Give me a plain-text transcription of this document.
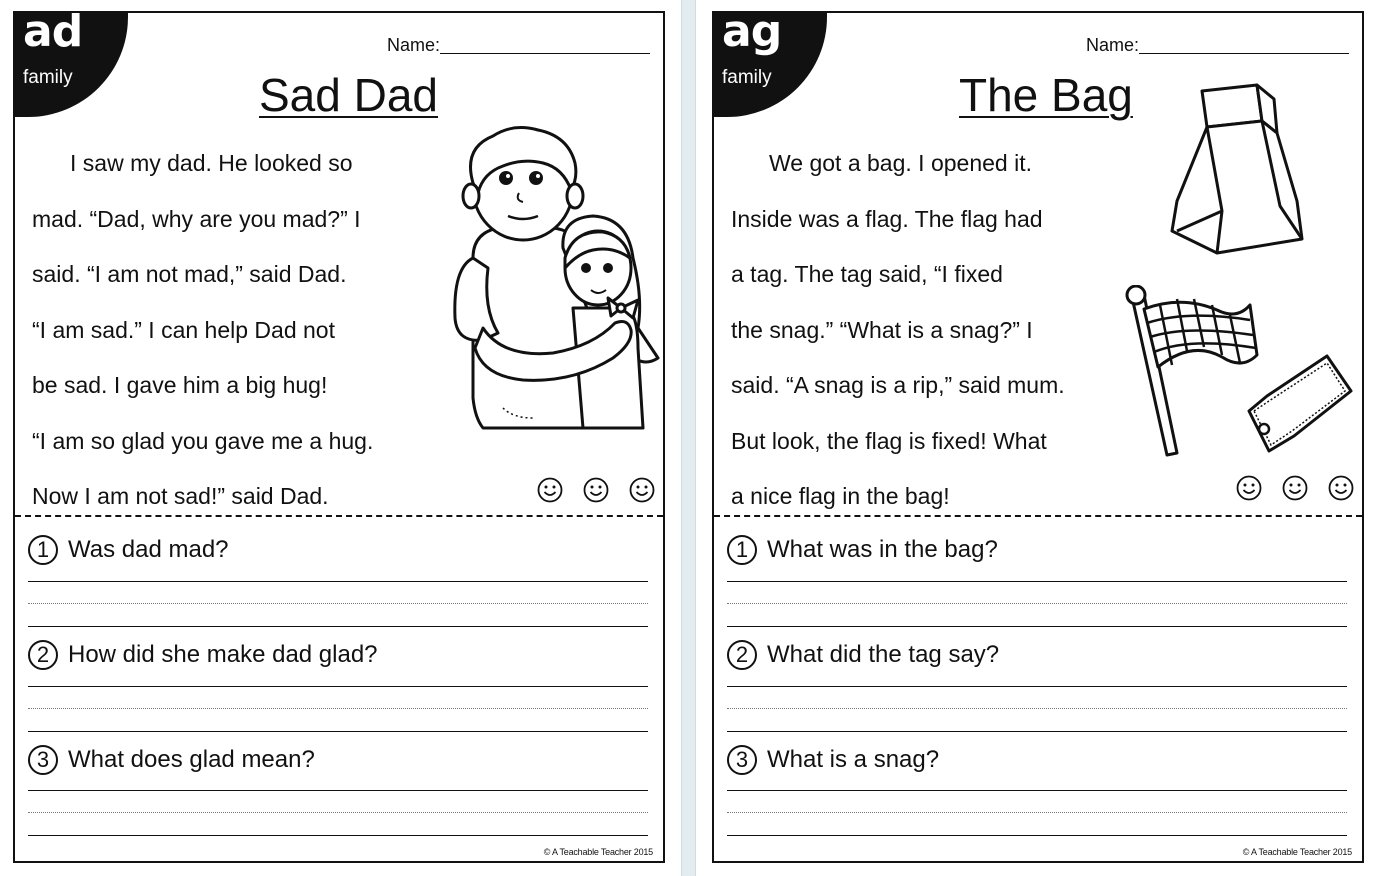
ad
family
Name:
Sad Dad
I saw my dad. He looked so
mad. “Dad, why are you mad?” I
said. “I am not mad,” said Dad.
“I am sad.” I can help Dad not
be sad. I gave him a big hug!
“I am so glad you gave me a hug.
Now I am not sad!” said Dad.
1 Was dad mad?
2 How did she make dad glad?
3 What does glad mean?
© A Teachable Teacher 2015
ag
family
Name:
The Bag
We got a bag. I opened it.
Inside was a flag. The flag had
a tag. The tag said, “I fixed
the snag.” “What is a snag?” I
said. “A snag is a rip,” said mum.
But look, the flag is fixed! What
a nice flag in the bag!
1 What was in the bag?
2 What did the tag say?
3 What is a snag?
© A Teachable Teacher 2015
